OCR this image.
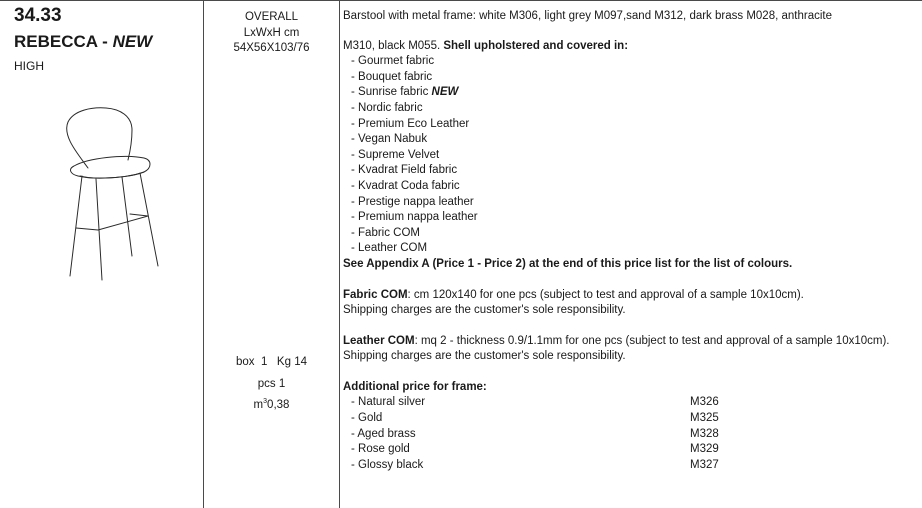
34.33
REBECCA - NEW
HIGH
OVERALL
LxWxH cm
54X56X103/76
box  1   Kg 14
pcs 1
$m^30,38$
Barstool with metal frame: white M306, light grey M097,sand M312, dark brass M028, anthracite
M310, black M055. Shell upholstered and covered in:
- Gourmet fabric
- Bouquet fabric
- Sunrise fabric NEW
- Nordic fabric
- Premium Eco Leather
- Vegan Nabuk
- Supreme Velvet
- Kvadrat Field fabric
- Kvadrat Coda fabric
- Prestige nappa leather
- Premium nappa leather
- Fabric COM
- Leather COM
See Appendix A (Price 1 - Price 2) at the end of this price list for the list of colours.
Fabric COM: cm 120x140 for one pcs (subject to test and approval of a sample 10x10cm).
Shipping charges are the customer's sole responsibility.
Leather COM: mq 2 - thickness 0.9/1.1mm for one pcs (subject to test and approval of a sample 10x10cm).
Shipping charges are the customer's sole responsibility.
Additional price for frame:
- Natural silver	M326
- Gold	M325
- Aged brass	M328
- Rose gold	M329
- Glossy black	M327
